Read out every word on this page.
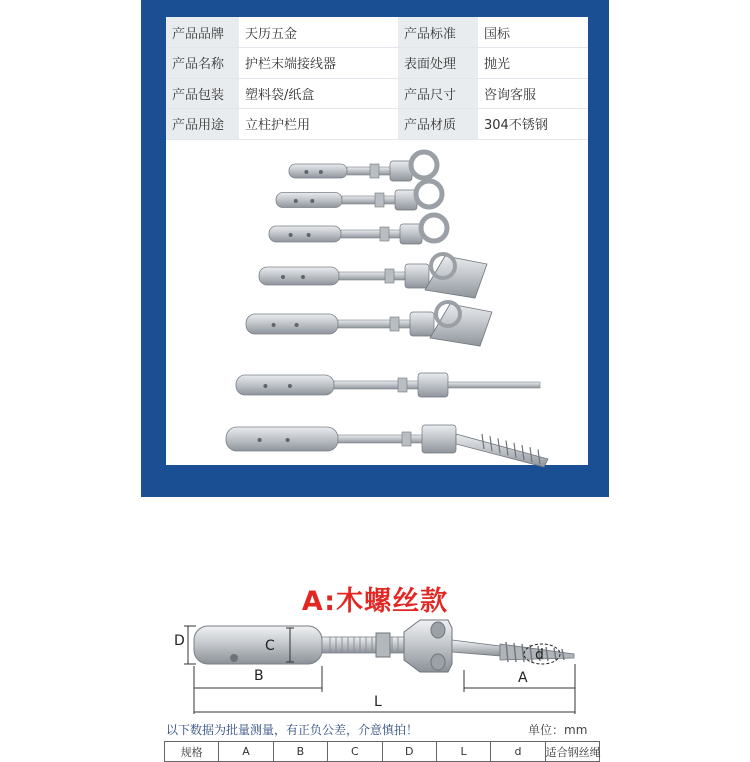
产品品牌	天历五金	产品标准	国标
产品名称	护栏末端接线器	表面处理	抛光
产品包装	塑料袋/纸盒	产品尺寸	咨询客服
产品用途	立柱护栏用	产品材质	304不锈钢
A:木螺丝款
D	C
d
B	A
L
以下数据为批量测量，有正负公差，介意慎拍！	单位：mm
规格	A	B	C	D	L	d	适合钢丝绳
